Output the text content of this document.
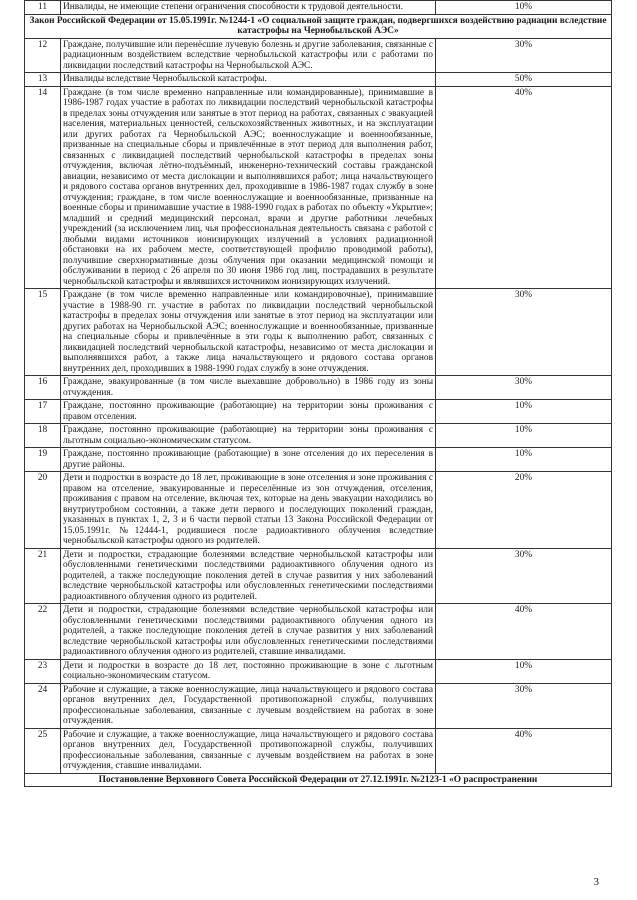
11	Инвалиды, не имеющие степени ограничения способности к трудовой деятельности.	10%
Закон Российской Федерации от 15.05.1991г. №1244-1 «О социальной защите граждан, подвергшихся воздействию радиации вследствие катастрофы на Чернобыльской АЭС»		
12	Граждане, получившие или перенёсшие лучевую болезнь и другие заболевания, связанные с радиационным воздействием вследствие чернобыльской катастрофы или с работами по ликвидации последствий катастрофы на Чернобыльской АЭС.	30%
13	Инвалиды вследствие Чернобыльской катастрофы.	50%
14	Граждане (в том числе временно направленные или командированные), принимавшие в 1986-1987 годах участие в работах по ликвидации последствий чернобыльской катастрофы в пределах зоны отчуждения или занятые в этот период на работах, связанных с эвакуацией населения, материальных ценностей, сельскохозяйственных животных, и на эксплуатации или других работах га Чернобыльской АЭС; военнослужащие и военнообязанные, призванные на специальные сборы и привлечённые в этот период для выполнения работ, связанных с ликвидацией последствий чернобыльской катастрофы в пределах зоны отчуждения, включая лётно-подъёмный, инженерно-технический составы гражданской авиации, независимо от места дислокации и выполнявшихся работ; лица начальствующего и рядового состава органов внутренних дел, проходившие в 1986-1987 годах службу в зоне отчуждения; граждане, в том числе военнослужащие и военнообязанные, призванные на военные сборы и принимавшие участие в 1988-1990 годах в работах по объекту «Укрытие»; младший и средний медицинский персонал, врачи и другие работники лечебных учреждений (за исключением лиц, чья профессиональная деятельность связана с работой с любыми видами источников ионизирующих излучений в условиях радиационной обстановки на их рабочем месте, соответствующей профилю проводимой работы), получившие сверхнормативные дозы облучения при оказании медицинской помощи и обслуживании в период с 26 апреля по 30 июня 1986 год лиц, пострадавших в результате чернобыльской катастрофы и являвшихся источником ионизирующих излучений.	40%
15	Граждане (в том числе временно направленные или командировочные), принимавшие участие в 1988-90 гг. участие в работах по ликвидации последствий чернобыльской катастрофы в пределах зоны отчуждения или занятые в этот период на эксплуатации или других работах на Чернобыльской АЭС; военнослужащие и военнообязанные, призванные на специальные сборы и привлечённые в эти годы к выполнению работ, связанных с ликвидацией последствий чернобыльской катастрофы, независимо от места дислокации и выполнявшихся работ, а также лица начальствующего и рядового состава органов внутренних дел, проходивших в 1988-1990 годах службу в зоне отчуждения.	30%
16	Граждане, эвакуированные (в том числе выехавшие добровольно) в 1986 году из зоны отчуждения.	30%
17	Граждане, постоянно проживающие (работающие) на территории зоны проживания с правом отселения.	10%
18	Граждане, постоянно проживающие (работающие) на территории зоны проживания с льготным социально-экономическим статусом.	10%
19	Граждане, постоянно проживающие (работающие) в зоне отселения до их переселения в другие районы.	10%
20	Дети и подростки в возрасте до 18 лет, проживающие в зоне отселения и зоне проживания с правом на отселение, эвакуированные и переселённые из зон отчуждения, отселения, проживания с правом на отселение, включая тех, которые на день эвакуации находились во внутриутробном состоянии, а также дети первого и последующих поколений граждан, указанных в пунктах 1, 2, 3 и 6 части первой статьи 13 Закона Российской Федерации от 15.05.1991г. №12444-1, родившиеся после радиоактивного облучения вследствие чернобыльской катастрофы одного из родителей.	20%
21	Дети и подростки, страдающие болезнями вследствие чернобыльской катастрофы или обусловленными генетическими последствиями радиоактивного облучения одного из родителей, а также последующие поколения детей в случае развития у них заболеваний вследствие чернобыльской катастрофы или обусловленных генетическими последствиями радиоактивного облучения одного из родителей.	30%
22	Дети и подростки, страдающие болезнями вследствие чернобыльской катастрофы или обусловленными генетическими последствиями радиоактивного облучения одного из родителей, а также последующие поколения детей в случае развития у них заболеваний вследствие чернобыльской катастрофы или обусловленных генетическими последствиями радиоактивного облучения одного из родителей, ставшие инвалидами.	40%
23	Дети и подростки в возрасте до 18 лет, постоянно проживающие в зоне с льготным социально-экономическим статусом.	10%
24	Рабочие и служащие, а также военнослужащие, лица начальствующего и рядового состава органов внутренних дел, Государственной противопожарной службы, получивших профессиональные заболевания, связанные с лучевым воздействием на работах в зоне отчуждения.	30%
25	Рабочие и служащие, а также военнослужащие, лица начальствующего и рядового состава органов внутренних дел, Государственной противопожарной службы, получивших профессиональные заболевания, связанные с лучевым воздействием на работах в зоне отчуждения, ставшие инвалидами.	40%
Постановление Верховного Совета Российской Федерации от 27.12.1991г. №2123-1 «О распространении		
3
